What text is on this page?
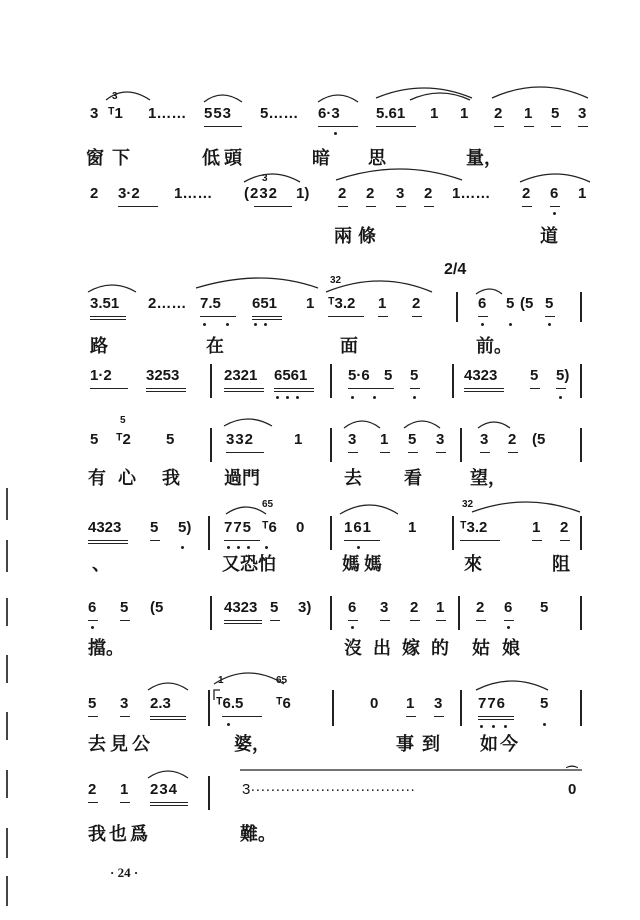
3
3 ᵀ1 1…… 553 5…… 6·3 5.61 1 1 2 1 5 3
窗下	低頭	暗 思	量，
2 3·2 1……
3
(232 1) 2 2 3 2 1…… 2 6 1
兩條	道
2/4
32
3.51 2…… 7.5 651 1 ᵀ3.2 1 2	6 5 (5 5
路	在	面	前。
1·2 3253	2321 6561	5·6 5 5	4323 5 5)
5
5 ᵀ2 5	332	1	3 1 5 3 3 2 (5
有 心 我 過門	去 看	望，
65	32
4323 5 5) 775 ᵀ6 0	161 1	ᵀ3.2	1 2
、	又恐怕	媽媽	來	阻
6 5 (5	4323 5 3) 6 3 2 1 2 6 5
擋。	沒出嫁的 姑娘
1	65
5 3 2.3	ᵀ6.5 ᵀ6	0 1 3 776 5
去見公	婆，	事到 如今
2 1 234	3·································	0
⌒
我也爲	難。
· 24 ·
